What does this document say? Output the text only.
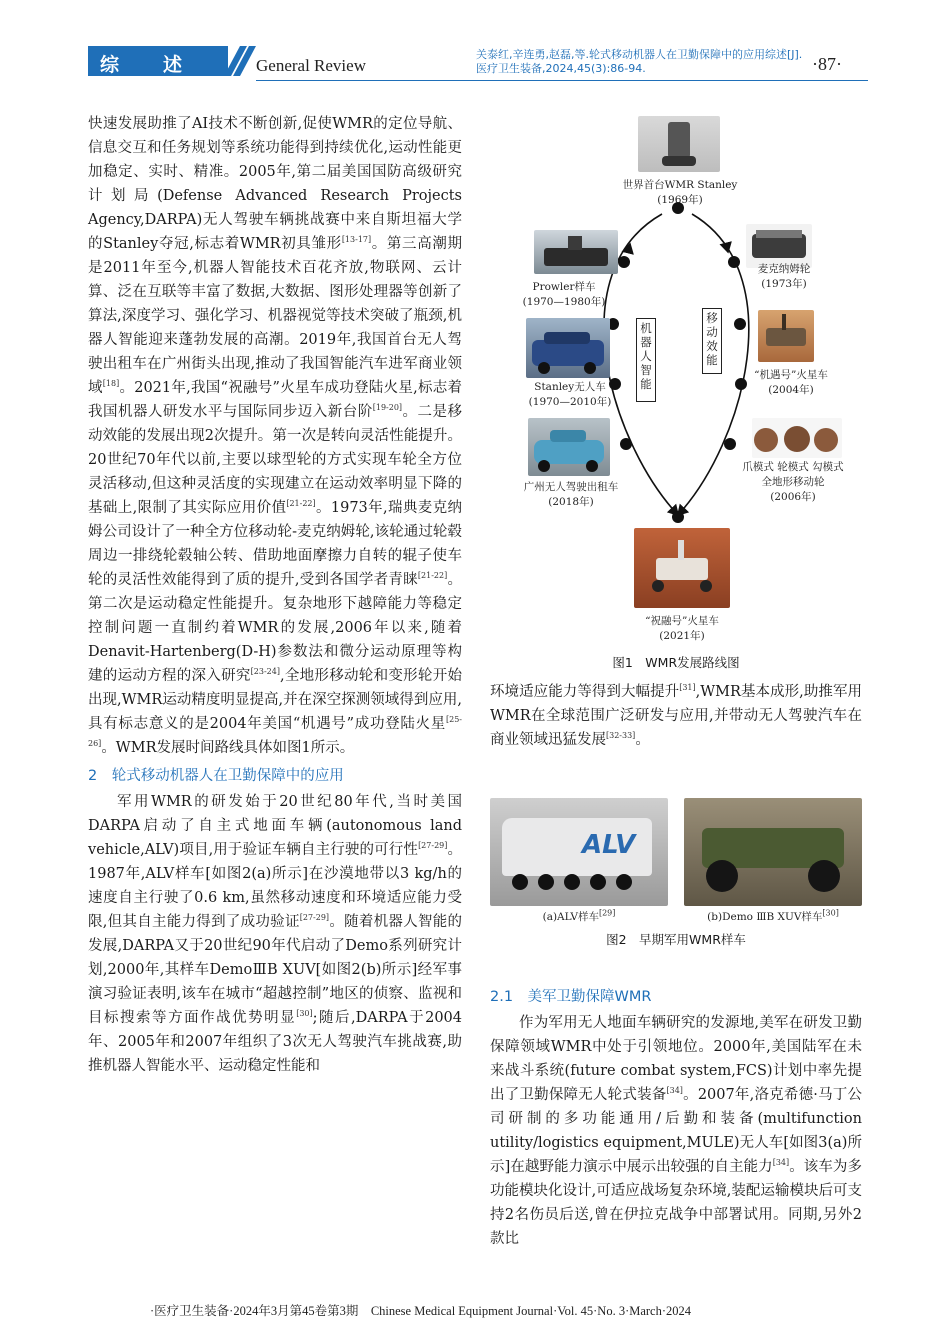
综　　述	General Review
关泰红,辛连勇,赵磊,等.轮式移动机器人在卫勤保障中的应用综述[J].
医疗卫生装备,2024,45(3):86-94.	·87·

快速发展助推了AI技术不断创新,促使WMR的定位导航、信息交互和任务规划等系统功能得到持续优化,运动性能更加稳定、实时、精准。2005年,第二届美国国防高级研究计划局(Defense Advanced Research Projects Agency,DARPA)无人驾驶车辆挑战赛中来自斯坦福大学的Stanley夺冠,标志着WMR初具雏形[13-17]。第三高潮期是2011年至今,机器人智能技术百花齐放,物联网、云计算、泛在互联等丰富了数据,大数据、图形处理器等创新了算法,深度学习、强化学习、机器视觉等技术突破了瓶颈,机器人智能迎来蓬勃发展的高潮。2019年,我国首台无人驾驶出租车在广州街头出现,推动了我国智能汽车进军商业领域[18]。2021年,我国“祝融号”火星车成功登陆火星,标志着我国机器人研发水平与国际同步迈入新台阶[19-20]。二是移动效能的发展出现2次提升。第一次是转向灵活性能提升。20世纪70年代以前,主要以球型轮的方式实现车轮全方位灵活移动,但这种灵活度的实现建立在运动效率明显下降的基础上,限制了其实际应用价值[21-22]。1973年,瑞典麦克纳姆公司设计了一种全方位移动轮-麦克纳姆轮,该轮通过轮毂周边一排绕轮毂轴公转、借助地面摩擦力自转的辊子使车轮的灵活性效能得到了质的提升,受到各国学者青睐[21-22]。第二次是运动稳定性能提升。复杂地形下越障能力等稳定控制问题一直制约着WMR的发展,2006年以来,随着Denavit-Hartenberg(D-H)参数法和微分运动原理等构建的运动方程的深入研究[23-24],全地形移动轮和变形轮开始出现,WMR运动精度明显提高,并在深空探测领域得到应用,具有标志意义的是2004年美国“机遇号”成功登陆火星[25-26]。WMR发展时间路线具体如图1所示。

2　轮式移动机器人在卫勤保障中的应用

军用WMR的研发始于20世纪80年代,当时美国DARPA启动了自主式地面车辆(autonomous land vehicle,ALV)项目,用于验证车辆自主行驶的可行性[27-29]。1987年,ALV样车[如图2(a)所示]在沙漠地带以3 kg/h的速度自主行驶了0.6 km,虽然移动速度和环境适应能力受限,但其自主能力得到了成功验证[27-29]。随着机器人智能的发展,DARPA又于20世纪90年代启动了Demo系列研究计划,2000年,其样车DemoⅢB XUV[如图2(b)所示]经军事演习验证表明,该车在城市“超越控制”地区的侦察、监视和目标搜索等方面作战优势明显[30];随后,DARPA于2004年、2005年和2007年组织了3次无人驾驶汽车挑战赛,助推机器人智能水平、运动稳定性能和

世界首台WMR Stanley
(1969年)
Prowler样车
(1970—1980年)
麦克纳姆轮
(1973年)
机器人智能
移动效能
Stanley无人车
(1970—2010年)
“机遇号”火星车
(2004年)
广州无人驾驶出租车
(2018年)
爪模式 轮模式 勾模式
全地形移动轮
(2006年)
“祝融号”火星车
(2021年)
图1　WMR发展路线图

环境适应能力等得到大幅提升[31],WMR基本成形,助推军用WMR在全球范围广泛研发与应用,并带动无人驾驶汽车在商业领域迅猛发展[32-33]。

ALV
(a)ALV样车[29]	(b)Demo ⅢB XUV样车[30]
图2　早期军用WMR样车

2.1　美军卫勤保障WMR

作为军用无人地面车辆研究的发源地,美军在研发卫勤保障领域WMR中处于引领地位。2000年,美国陆军在未来战斗系统(future combat system,FCS)计划中率先提出了卫勤保障无人轮式装备[34]。2007年,洛克希德·马丁公司研制的多功能通用/后勤和装备(multifunction utility/logistics equipment,MULE)无人车[如图3(a)所示]在越野能力演示中展示出较强的自主能力[34]。该车为多功能模块化设计,可适应战场复杂环境,装配运输模块后可支持2名伤员后送,曾在伊拉克战争中部署试用。同期,另外2款比

·医疗卫生装备·2024年3月第45卷第3期　Chinese Medical Equipment Journal·Vol. 45·No. 3·March·2024
